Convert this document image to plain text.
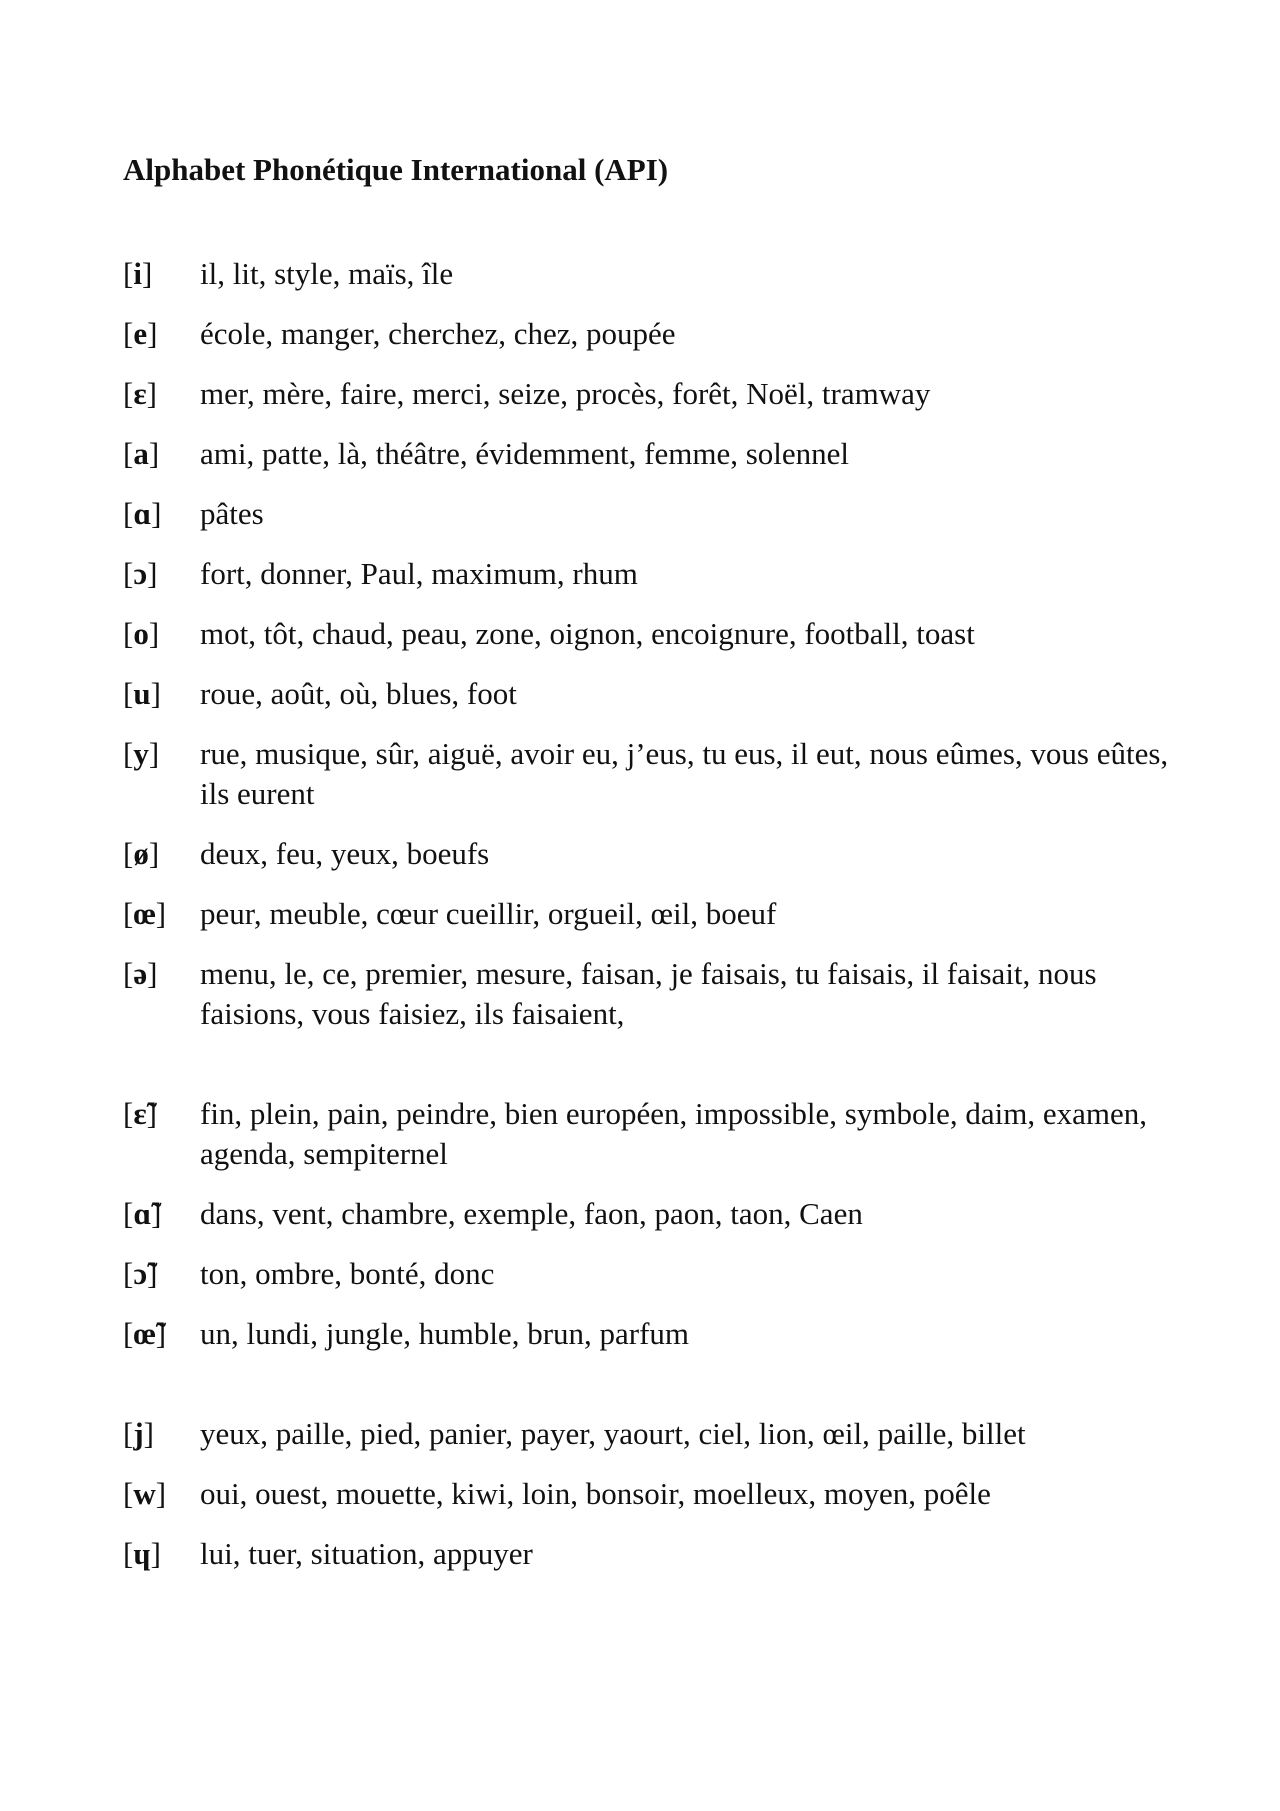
Alphabet Phonétique International (API)
[i]	il, lit, style, maïs, île
[e]	école, manger, cherchez, chez, poupée
[ɛ]	mer, mère, faire, merci, seize, procès, forêt, Noël, tramway
[a]	ami, patte, là, théâtre, évidemment, femme, solennel
[ɑ]	pâtes
[ɔ]	fort, donner, Paul, maximum, rhum
[o]	mot, tôt, chaud, peau, zone, oignon, encoignure, football, toast
[u]	roue, août, où, blues, foot
[y]	rue, musique, sûr, aiguë, avoir eu, j’eus, tu eus, il eut, nous eûmes, vous eûtes, ils eurent
[ø]	deux, feu, yeux, boeufs
[œ]	peur, meuble, cœur cueillir, orgueil, œil, boeuf
[ə]	menu, le, ce, premier, mesure, faisan, je faisais, tu faisais, il faisait, nous faisions, vous faisiez, ils faisaient,
[ɛ̃]	fin, plein, pain, peindre, bien européen, impossible, symbole, daim, examen, agenda, sempiternel
[ɑ̃]	dans, vent, chambre, exemple, faon, paon, taon, Caen
[ɔ̃]	ton, ombre, bonté, donc
[œ̃]	un, lundi, jungle, humble, brun, parfum
[j]	yeux, paille, pied, panier, payer, yaourt, ciel, lion, œil, paille, billet
[w]	oui, ouest, mouette, kiwi, loin, bonsoir, moelleux, moyen, poêle
[ɥ]	lui, tuer, situation, appuyer
